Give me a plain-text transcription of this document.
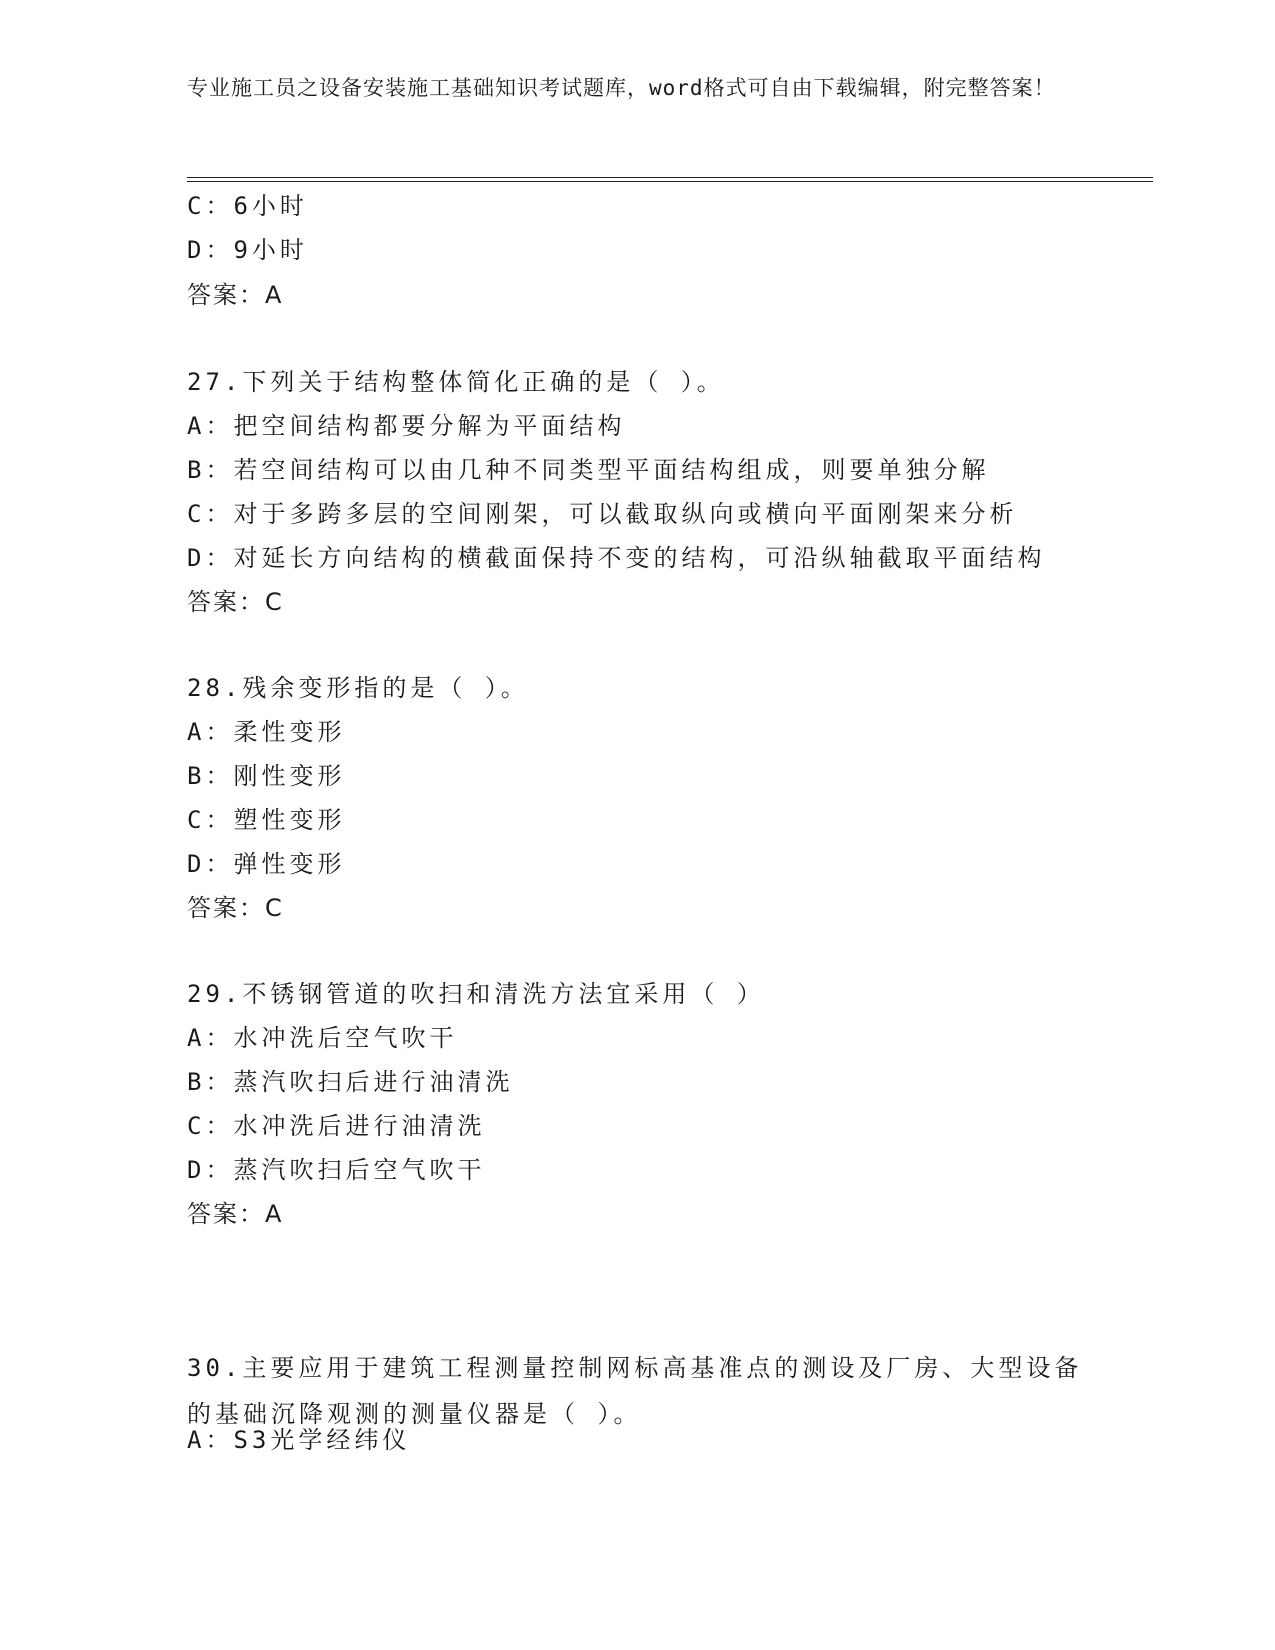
专业施工员之设备安装施工基础知识考试题库，word格式可自由下载编辑，附完整答案！
C：6小时
D：9小时
答案：A
27.下列关于结构整体简化正确的是（ ）。
A：把空间结构都要分解为平面结构
B：若空间结构可以由几种不同类型平面结构组成，则要单独分解
C：对于多跨多层的空间刚架，可以截取纵向或横向平面刚架来分析
D：对延长方向结构的横截面保持不变的结构，可沿纵轴截取平面结构
答案：C
28.残余变形指的是（ ）。
A：柔性变形
B：刚性变形
C：塑性变形
D：弹性变形
答案：C
29.不锈钢管道的吹扫和清洗方法宜采用（ ）
A：水冲洗后空气吹干
B：蒸汽吹扫后进行油清洗
C：水冲洗后进行油清洗
D：蒸汽吹扫后空气吹干
答案：A
30.主要应用于建筑工程测量控制网标高基准点的测设及厂房、大型设备的基础沉降观测的测量仪器是（ ）。
A：S3光学经纬仪
